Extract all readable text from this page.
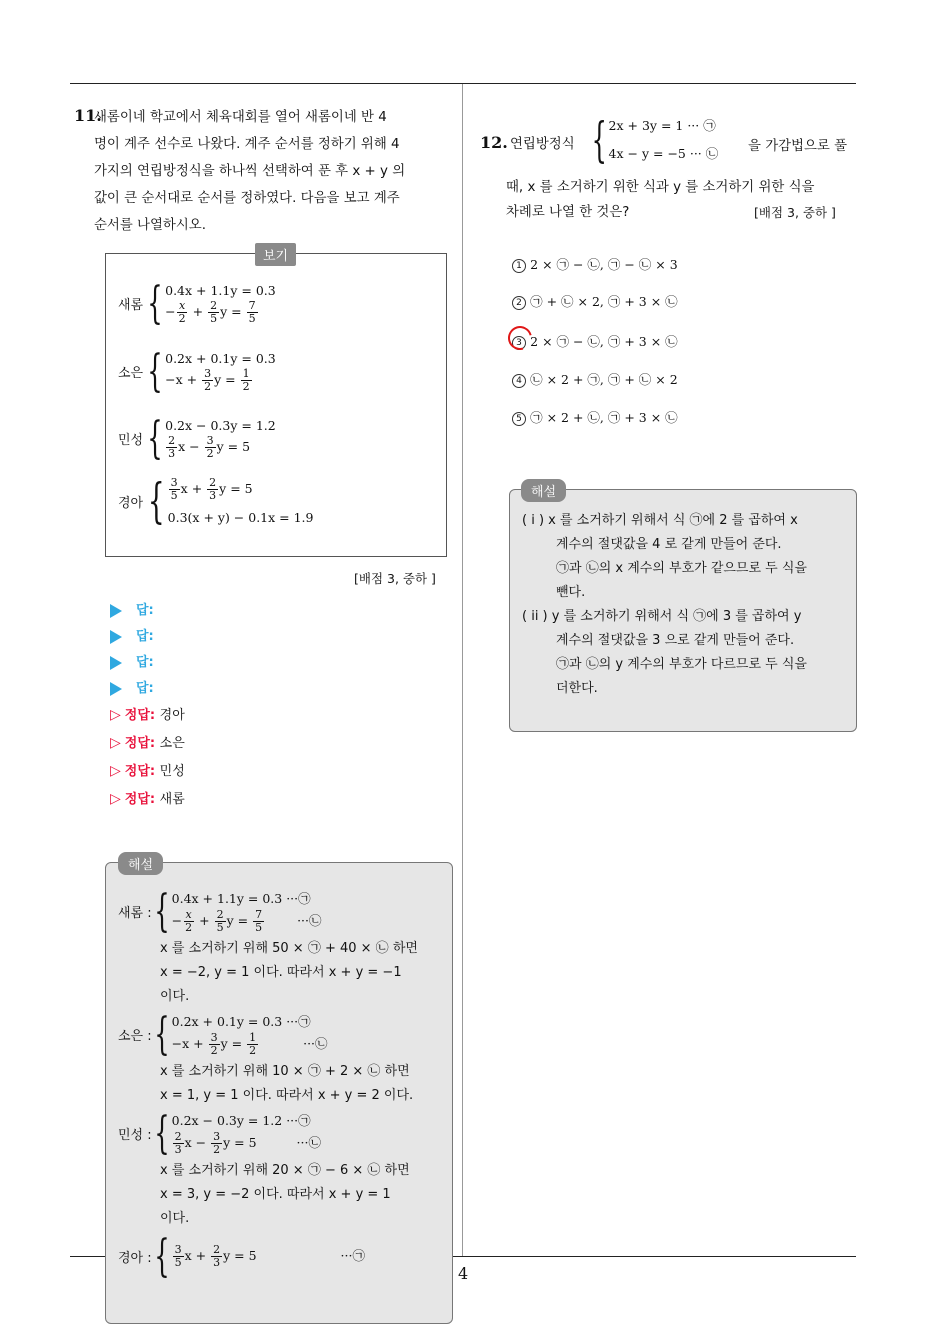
4
11.
새롬이네 학교에서 체육대회를 열어 새롬이네 반 4
명이 계주 선수로 나왔다. 계주 순서를 정하기 위해 4
가지의 연립방정식을 하나씩 선택하여 푼 후 x + y 의
값이 큰 순서대로 순서를 정하였다. 다음을 보고 계주
순서를 나열하시오.
보기
새롬 { 0.4x + 1.1y = 0.3
− $\frac{x}{2} + \frac{2}{5}$ $y = \frac{7}{5}$
소은 { 0.2x + 0.1y = 0.3
$-x + \frac{3}{2}$ $y = \frac{1}{2}$
민성 { 0.2x − 0.3y = 1.2
$\frac{2}{3}$ $x - \frac{3}{2}$ y = 5
경아 { $\frac{3}{5}$ $x + \frac{2}{3}$ y = 5
0.3(x + y) − 0.1x = 1.9
[배점 3, 중하 ]
답:
답:
답:
답:
▷ 정답: 경아
▷ 정답: 소은
▷ 정답: 민성
▷ 정답: 새롬
해설
새롬 : { 0.4x + 1.1y = 0.3 ···㉠
− $\frac{x}{2} + \frac{2}{5}$ $y = \frac{7}{5}$	···㉡
x 를 소거하기 위해 50 × ㉠ + 40 × ㉡ 하면
x = −2, y = 1 이다. 따라서 x + y = −1
이다.
소은 : { 0.2x + 0.1y = 0.3 ···㉠
$-x + \frac{3}{2}$ $y = \frac{1}{2}$	···㉡
x 를 소거하기 위해 10 × ㉠ + 2 × ㉡ 하면
x = 1, y = 1 이다. 따라서 x + y = 2 이다.
민성 : { 0.2x − 0.3y = 1.2 ···㉠
$\frac{2}{3}$ $x - \frac{3}{2}$ y = 5	···㉡
x 를 소거하기 위해 20 × ㉠ − 6 × ㉡ 하면
x = 3, y = −2 이다. 따라서 x + y = 1
이다.
경아 : { $\frac{3}{5}$ $x + \frac{2}{3}$ y = 5	···㉠
12. 연립방정식 { 2x + 3y = 1 ··· ㉠
4x − y = −5 ··· ㉡ 을 가감법으로 풀
때, x 를 소거하기 위한 식과 y 를 소거하기 위한 식을
차례로 나열 한 것은?	[배점 3, 중하 ]
1 2 × ㉠ − ㉡, ㉠ − ㉡ × 3
2 ㉠ + ㉡ × 2, ㉠ + 3 × ㉡
3 2 × ㉠ − ㉡, ㉠ + 3 × ㉡
4 ㉡ × 2 + ㉠, ㉠ + ㉡ × 2
5 ㉠ × 2 + ㉡, ㉠ + 3 × ㉡
해설
( i ) x 를 소거하기 위해서 식 ㉠에 2 를 곱하여 x
계수의 절댓값을 4 로 같게 만들어 준다.
㉠과 ㉡의 x 계수의 부호가 같으므로 두 식을
뺀다.
( ii ) y 를 소거하기 위해서 식 ㉠에 3 를 곱하여 y
계수의 절댓값을 3 으로 같게 만들어 준다.
㉠과 ㉡의 y 계수의 부호가 다르므로 두 식을
더한다.
